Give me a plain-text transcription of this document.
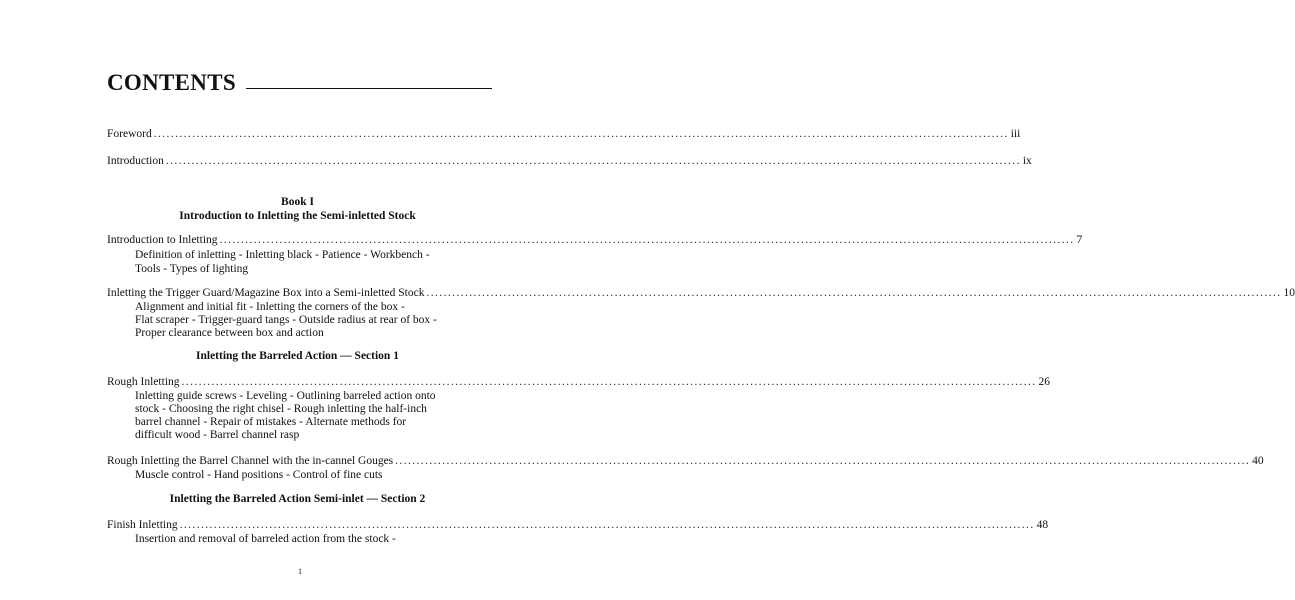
CONTENTS
Foreword ........................................................................................................................................................................................................ iii
Introduction ........................................................................................................................................................................................................ ix
Book I
Introduction to Inletting the Semi-inletted Stock
Introduction to Inletting ........................................................................................................................................................................................................ 7
Definition of inletting - Inletting black - Patience - Workbench -
Tools - Types of lighting
Inletting the Trigger Guard/Magazine Box into a Semi-inletted Stock ........................................................................................................................................................................................................ 10
Alignment and initial fit - Inletting the corners of the box -
Flat scraper - Trigger-guard tangs - Outside radius at rear of box -
Proper clearance between box and action
Inletting the Barreled Action — Section 1
Rough Inletting ........................................................................................................................................................................................................ 26
Inletting guide screws - Leveling - Outlining barreled action onto
stock - Choosing the right chisel - Rough inletting the half-inch
barrel channel - Repair of mistakes - Alternate methods for
difficult wood - Barrel channel rasp
Rough Inletting the Barrel Channel with the in-cannel Gouges ........................................................................................................................................................................................................ 40
Muscle control - Hand positions - Control of fine cuts
Inletting the Barreled Action Semi-inlet — Section 2
Finish Inletting ........................................................................................................................................................................................................ 48
Insertion and removal of barreled action from the stock -
1
